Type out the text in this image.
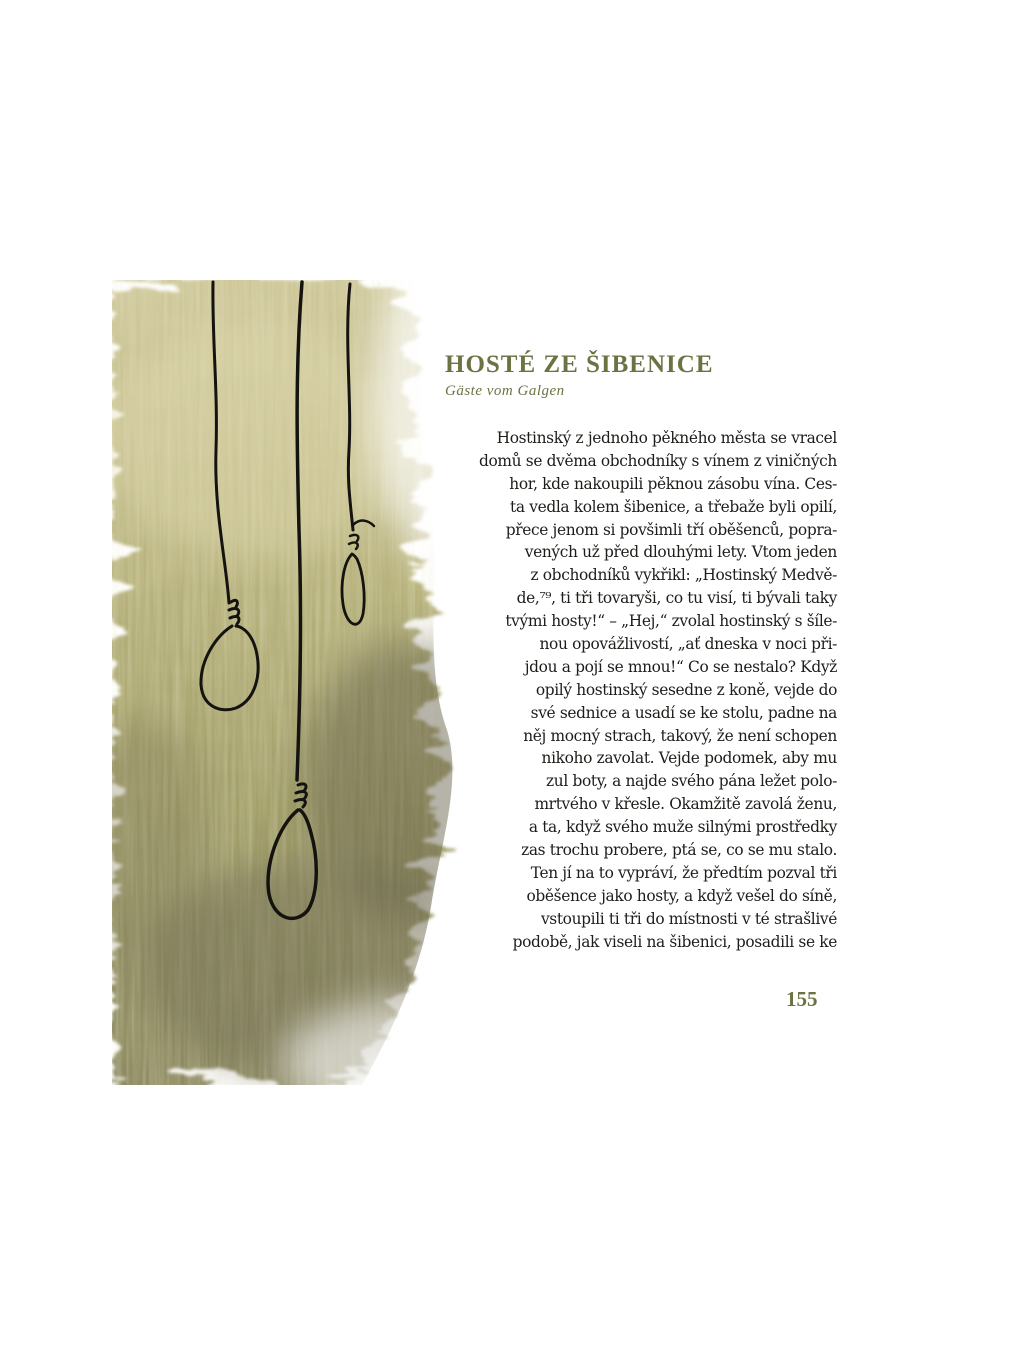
HOSTÉ ZE ŠIBENICE

Gäste vom Galgen

Hostinský z jednoho pěkného města se vracel
domů se dvěma obchodníky s vínem z viničných
hor, kde nakoupili pěknou zásobu vína. Ces-
ta vedla kolem šibenice, a třebaže byli opilí,
přece jenom si povšimli tří oběšenců, popra-
vených už před dlouhými lety. Vtom jeden
z obchodníků vykřikl: „Hostinský Medvě-
de,⁷⁹, ti tři tovaryši, co tu visí, ti bývali taky
tvými hosty!“ – „Hej,“ zvolal hostinský s šíle-
nou opovážlivostí, „ať dneska v noci při-
jdou a pojí se mnou!“ Co se nestalo? Když
opilý hostinský sesedne z koně, vejde do
své sednice a usadí se ke stolu, padne na
něj mocný strach, takový, že není schopen
nikoho zavolat. Vejde podomek, aby mu
zul boty, a najde svého pána ležet polo-
mrtvého v křesle. Okamžitě zavolá ženu,
a ta, když svého muže silnými prostředky
zas trochu probere, ptá se, co se mu stalo.
Ten jí na to vypráví, že předtím pozval tři
oběšence jako hosty, a když vešel do síně,
vstoupili ti tři do místnosti v té strašlivé
podobě, jak viseli na šibenici, posadili se ke
155
